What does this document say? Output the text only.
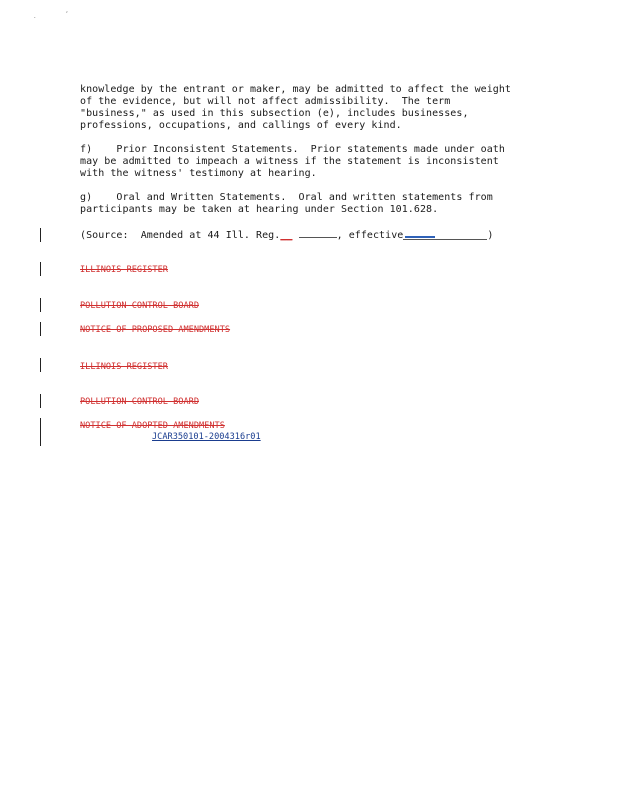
.	ʼ
knowledge by the entrant or maker, may be admitted to affect the weight
of the evidence, but will not affect admissibility.  The term
"business," as used in this subsection (e), includes businesses,
professions, occupations, and callings of every kind.
f)    Prior Inconsistent Statements.  Prior statements made under oath
may be admitted to impeach a witness if the statement is inconsistent
with the witness' testimony at hearing.
g)    Oral and Written Statements.  Oral and written statements from
participants may be taken at hearing under Section 101.628.
(Source:  Amended at 44 Ill. Reg.__	, effective	)
ILLINOIS REGISTER
POLLUTION CONTROL BOARD
NOTICE OF PROPOSED AMENDMENTS
ILLINOIS REGISTER
POLLUTION CONTROL BOARD
NOTICE OF ADOPTED AMENDMENTS
JCAR350101-2004316r01
